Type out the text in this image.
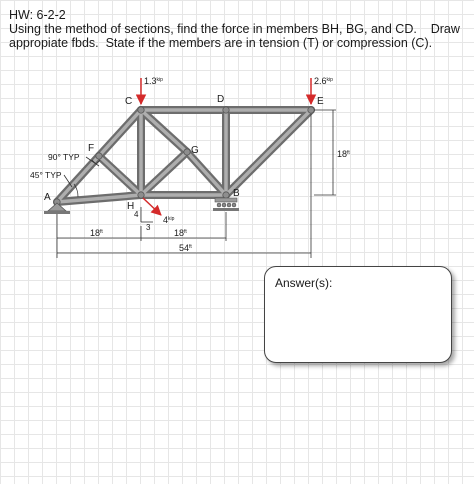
HW: 6-2-2
Using the method of sections, find the force in members BH, BG, and CD.    Draw
appropiate fbds.  State if the members are in tension (T) or compression (C).
A
F
C	D	E
G
H
B
$1.3^{kip}$	$2.6^{kip}$
$4^{kip}$
4
3
90° TYP
45° TYP
$18^{ft}$	$18^{ft}$
$54^{ft}$
$18^{ft}$
Answer(s):
